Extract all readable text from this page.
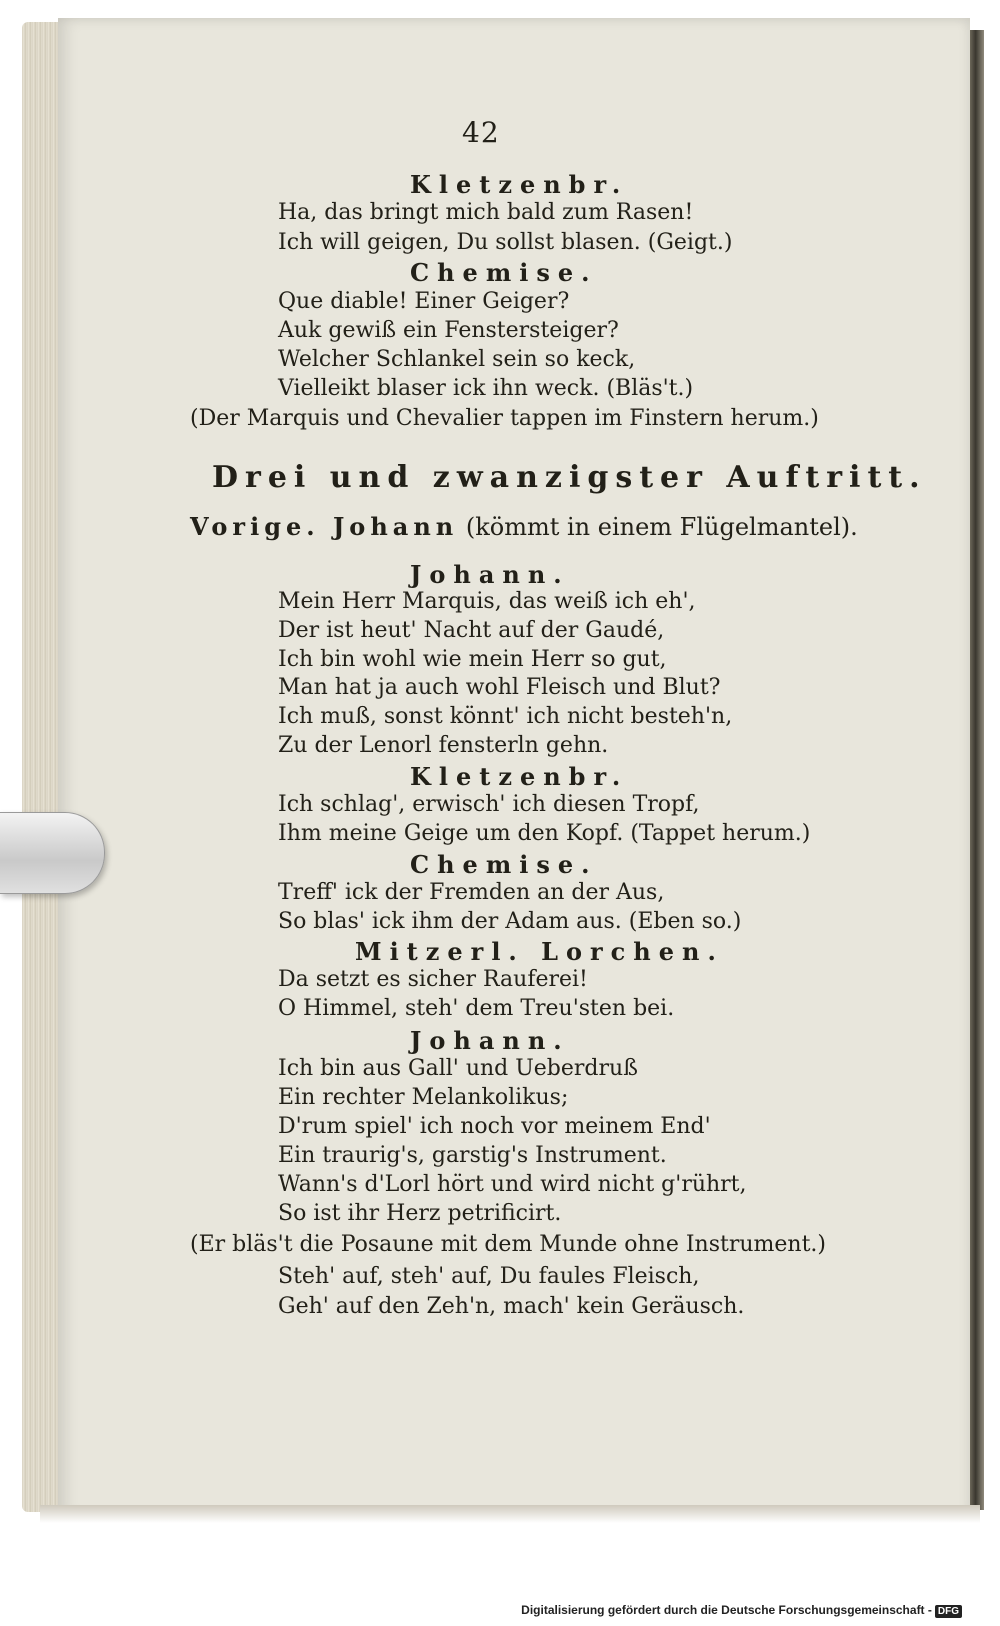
42
Kletzenbr.
Ha, das bringt mich bald zum Rasen!
Ich will geigen, Du sollst blasen. (Geigt.)
Chemise.
Que diable! Einer Geiger?
Auk gewiß ein Fenstersteiger?
Welcher Schlankel sein so keck,
Vielleikt blaser ick ihn weck. (Bläs't.)
(Der Marquis und Chevalier tappen im Finstern herum.)
Drei und zwanzigster Auftritt.
Vorige. Johann (kömmt in einem Flügelmantel).
Johann.
Mein Herr Marquis, das weiß ich eh',
Der ist heut' Nacht auf der Gaudé,
Ich bin wohl wie mein Herr so gut,
Man hat ja auch wohl Fleisch und Blut?
Ich muß, sonst könnt' ich nicht besteh'n,
Zu der Lenorl fensterln gehn.
Kletzenbr.
Ich schlag', erwisch' ich diesen Tropf,
Ihm meine Geige um den Kopf. (Tappet herum.)
Chemise.
Treff' ick der Fremden an der Aus,
So blas' ick ihm der Adam aus. (Eben so.)
Mitzerl. Lorchen.
Da setzt es sicher Rauferei!
O Himmel, steh' dem Treu'sten bei.
Johann.
Ich bin aus Gall' und Ueberdruß
Ein rechter Melankolikus;
D'rum spiel' ich noch vor meinem End'
Ein traurig's, garstig's Instrument.
Wann's d'Lorl hört und wird nicht g'rührt,
So ist ihr Herz petrificirt.
(Er bläs't die Posaune mit dem Munde ohne Instrument.)
Steh' auf, steh' auf, Du faules Fleisch,
Geh' auf den Zeh'n, mach' kein Geräusch.
Digitalisierung gefördert durch die Deutsche Forschungsgemeinschaft - DFG
